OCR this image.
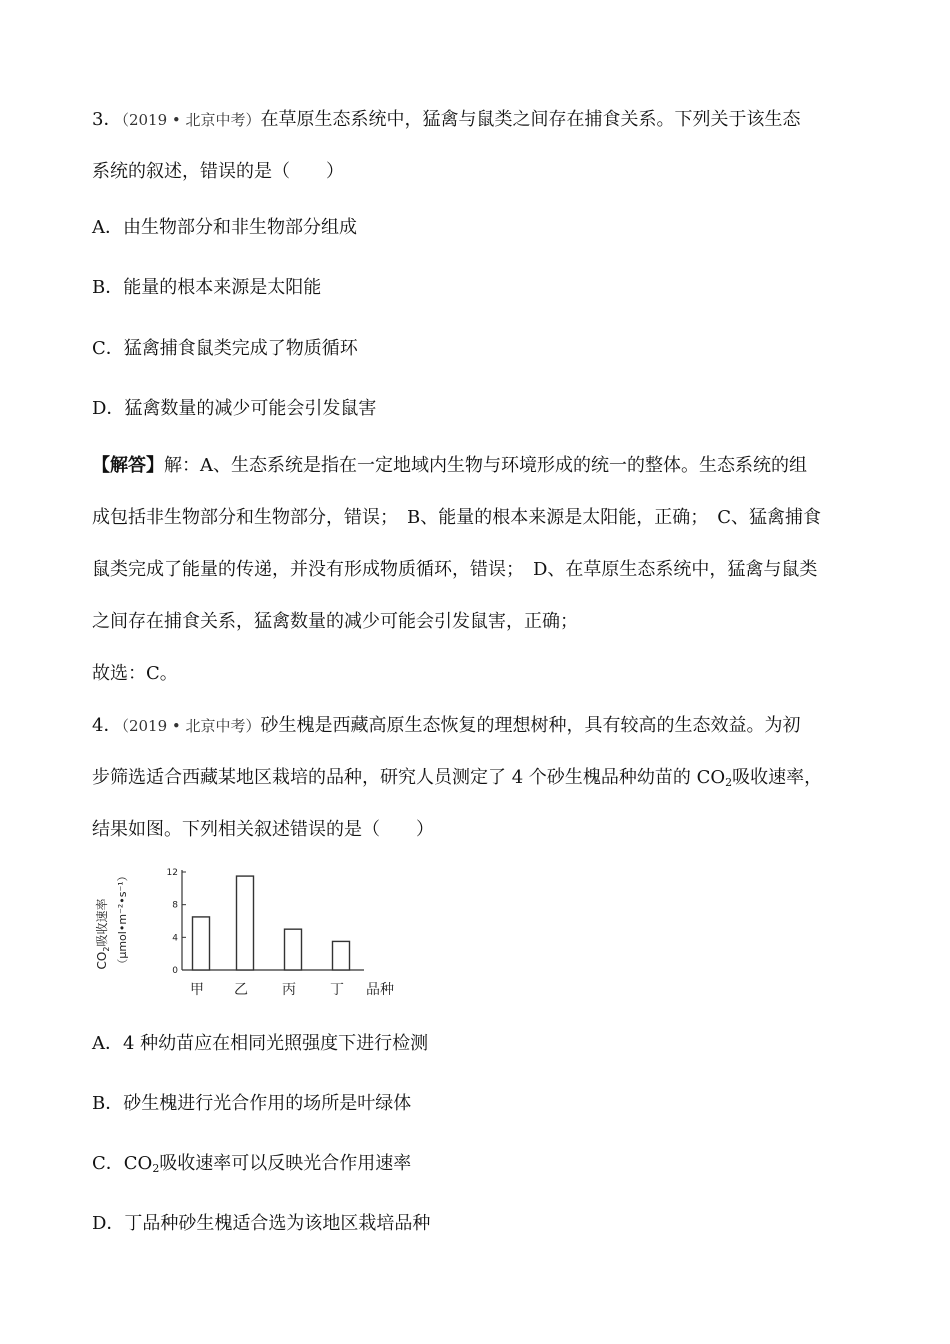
3．（2019 • 北京中考）在草原生态系统中，猛禽与鼠类之间存在捕食关系。下列关于该生态
系统的叙述，错误的是（　　）
A．由生物部分和非生物部分组成
B．能量的根本来源是太阳能
C．猛禽捕食鼠类完成了物质循环
D．猛禽数量的减少可能会引发鼠害
【解答】解：A、生态系统是指在一定地域内生物与环境形成的统一的整体。生态系统的组
成包括非生物部分和生物部分，错误；　B、能量的根本来源是太阳能，正确；　C、猛禽捕食
鼠类完成了能量的传递，并没有形成物质循环，错误；　D、在草原生态系统中，猛禽与鼠类
之间存在捕食关系，猛禽数量的减少可能会引发鼠害，正确；
故选：C。
4．（2019 • 北京中考）砂生槐是西藏高原生态恢复的理想树种，具有较高的生态效益。为初
步筛选适合西藏某地区栽培的品种，研究人员测定了 4 个砂生槐品种幼苗的 $CO_2$吸收速率，
结果如图。下列相关叙述错误的是（　　）
$CO_2$吸收速率 （μmol•m⁻²•s⁻¹）
0
4
8
12
甲 乙 丙 丁 品种
A．4 种幼苗应在相同光照强度下进行检测
B．砂生槐进行光合作用的场所是叶绿体
C．$CO_2$吸收速率可以反映光合作用速率
D．丁品种砂生槐适合选为该地区栽培品种
